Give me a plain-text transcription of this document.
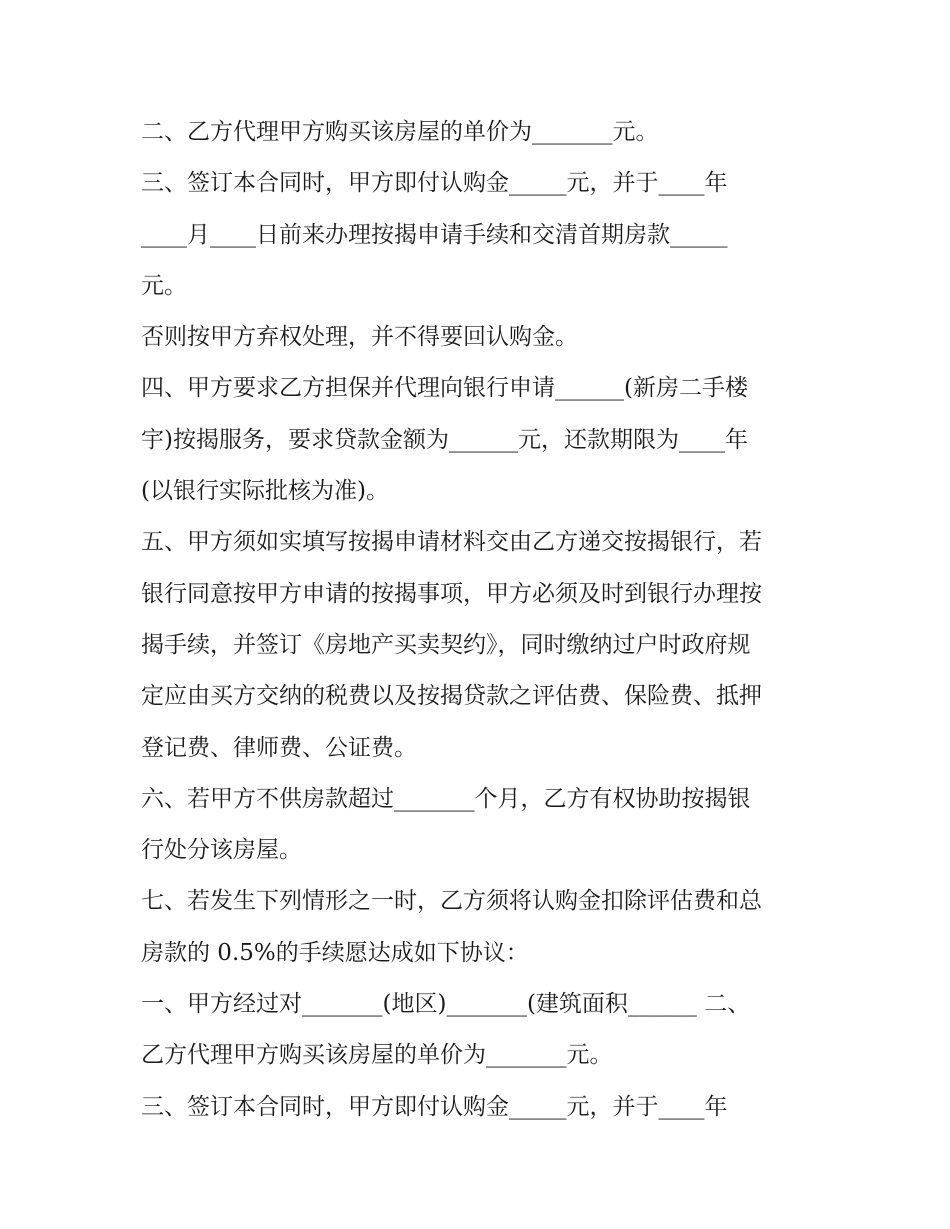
二、乙方代理甲方购买该房屋的单价为_______元。
三、签订本合同时，甲方即付认购金_____元，并于____年
____月____日前来办理按揭申请手续和交清首期房款_____
元。
否则按甲方弃权处理，并不得要回认购金。
四、甲方要求乙方担保并代理向银行申请______(新房二手楼
宇)按揭服务，要求贷款金额为______元，还款期限为____年
(以银行实际批核为准)。
五、甲方须如实填写按揭申请材料交由乙方递交按揭银行，若
银行同意按甲方申请的按揭事项，甲方必须及时到银行办理按
揭手续，并签订《房地产买卖契约》，同时缴纳过户时政府规
定应由买方交纳的税费以及按揭贷款之评估费、保险费、抵押
登记费、律师费、公证费。
六、若甲方不供房款超过_______个月，乙方有权协助按揭银
行处分该房屋。
七、若发生下列情形之一时，乙方须将认购金扣除评估费和总
房款的 0.5%的手续愿达成如下协议：
一、甲方经过对_______(地区)_______(建筑面积______ 二、
乙方代理甲方购买该房屋的单价为_______元。
三、签订本合同时，甲方即付认购金_____元，并于____年
